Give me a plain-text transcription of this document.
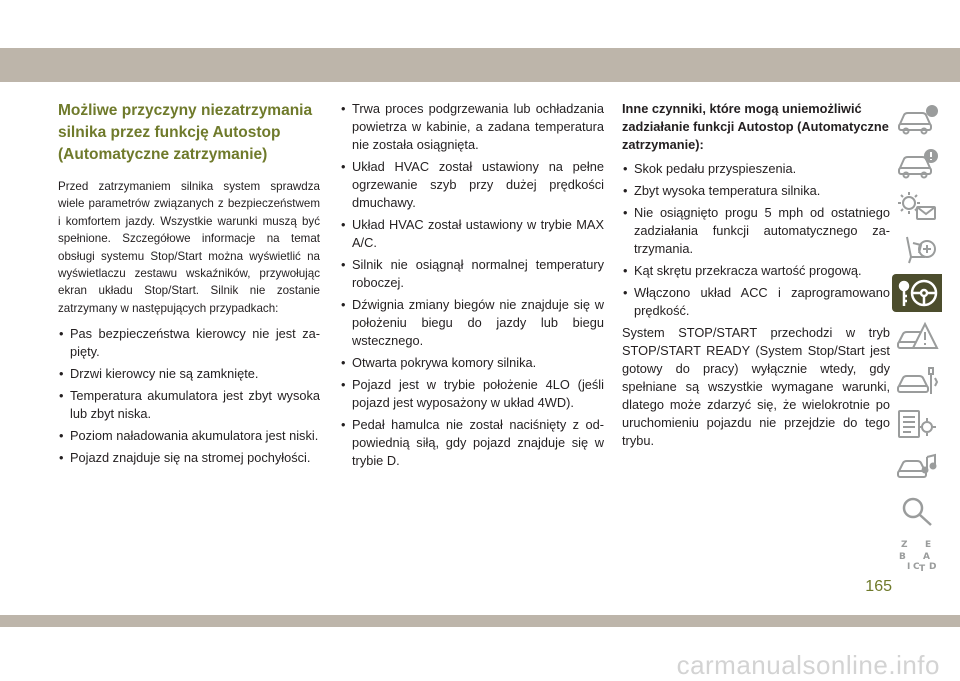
Możliwe przyczyny niezatrzymania silnika przez funkcję Autostop (Automatyczne zatrzymanie)

Przed zatrzymaniem silnika system sprawdza wiele parametrów związanych z bezpieczeństwem i komfortem jazdy. Wszystkie warunki muszą być spełnione. Szczegółowe informacje na temat obsługi systemu Stop/Start można wyświetlić na wyświetlaczu zestawu wskaźników, przywołując ekran układu Stop/Start. Silnik nie zostanie zatrzymany w następujących przypadkach:

• Pas bezpieczeństwa kierowcy nie jest zapięty.
• Drzwi kierowcy nie są zamknięte.
• Temperatura akumulatora jest zbyt wysoka lub zbyt niska.
• Poziom naładowania akumulatora jest niski.
• Pojazd znajduje się na stromej pochyłości.
• Trwa proces podgrzewania lub ochładzania powietrza w kabinie, a zadana temperatura nie została osiągnięta.
• Układ HVAC został ustawiony na pełne ogrzewanie szyb przy dużej prędkości dmuchawy.
• Układ HVAC został ustawiony w trybie MAX A/C.
• Silnik nie osiągnął normalnej temperatury roboczej.
• Dźwignia zmiany biegów nie znajduje się w położeniu biegu do jazdy lub biegu wstecznego.
• Otwarta pokrywa komory silnika.
• Pojazd jest w trybie położenie 4LO (jeśli pojazd jest wyposażony w układ 4WD).
• Pedał hamulca nie został naciśnięty z odpowiednią siłą, gdy pojazd znajduje się w trybie D.
Inne czynniki, które mogą uniemożliwić zadziałanie funkcji Autostop (Automatyczne zatrzymanie):
• Skok pedału przyspieszenia.
• Zbyt wysoka temperatura silnika.
• Nie osiągnięto progu 5 mph od ostatniego zadziałania funkcji automatycznego zatrzymania.
• Kąt skrętu przekracza wartość progową.
• Włączono układ ACC i zaprogramowano prędkość.

System STOP/START przechodzi w tryb STOP/START READY (System Stop/Start jest gotowy do pracy) wyłącznie wtedy, gdy spełniane są wszystkie wymagane warunki, dlatego może zdarzyć się, że wielokrotnie po uruchomieniu pojazdu nie przejdzie do tego trybu.

Z E
B A
I C D
T
165
carmanualsonline.info
